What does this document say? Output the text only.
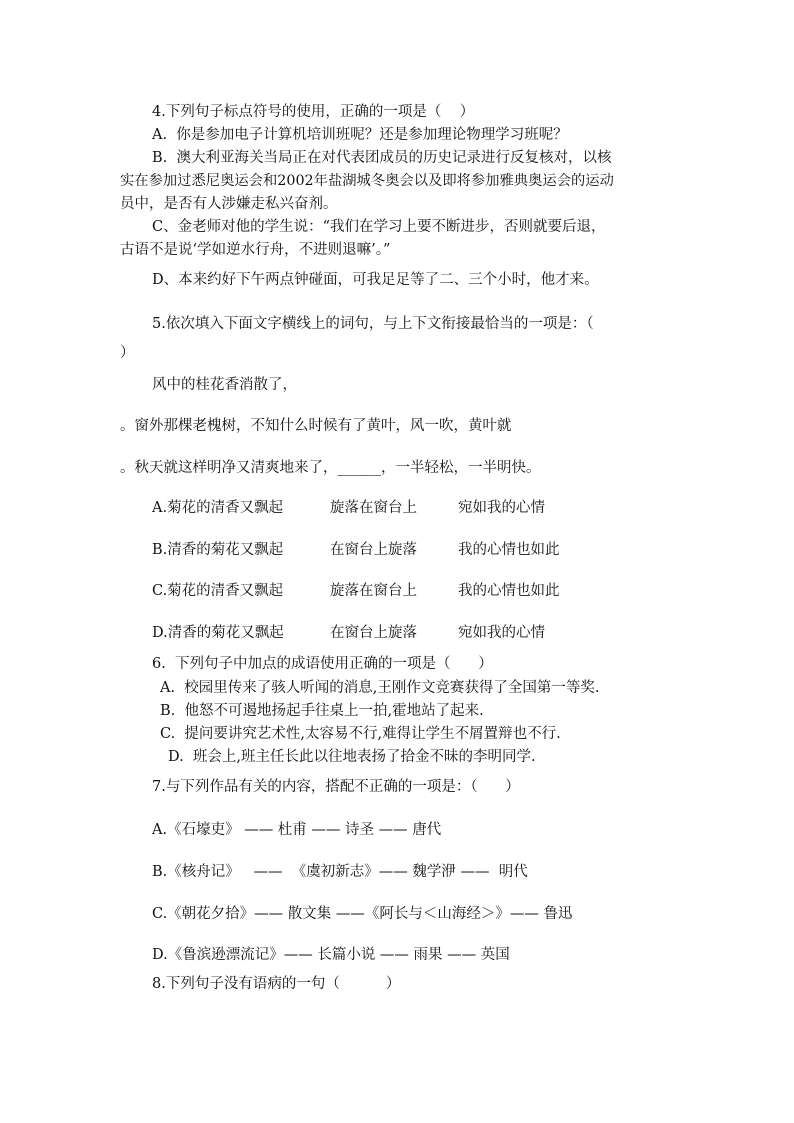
4.下列句子标点符号的使用，正确的一项是（    ）
A.  你是参加电子计算机培训班呢？还是参加理论物理学习班呢？
B.  澳大利亚海关当局正在对代表团成员的历史记录进行反复核对，以核
实在参加过悉尼奥运会和2002年盐湖城冬奥会以及即将参加雅典奥运会的运动
员中，是否有人涉嫌走私兴奋剂。
C、金老师对他的学生说：“我们在学习上要不断进步，否则就要后退，
古语不是说‘学如逆水行舟，不进则退嘛’。”
D、本来约好下午两点钟碰面，可我足足等了二、三个小时，他才来。
5.依次填入下面文字横线上的词句，与上下文衔接最恰当的一项是：（
）
风中的桂花香消散了，
。窗外那棵老槐树，不知什么时候有了黄叶，风一吹，黄叶就
。秋天就这样明净又清爽地来了，______，一半轻松，一半明快。
A.菊花的清香又飘起	旋落在窗台上	宛如我的心情
B.清香的菊花又飘起	在窗台上旋落	我的心情也如此
C.菊花的清香又飘起	旋落在窗台上	我的心情也如此
D.清香的菊花又飘起	在窗台上旋落	宛如我的心情
6.  下列句子中加点的成语使用正确的一项是（      ）
A.  校园里传来了骇人听闻的消息,王刚作文竞赛获得了全国第一等奖.
B.  他怒不可遏地扬起手往桌上一拍,霍地站了起来.
C.  提问要讲究艺术性,太容易不行,难得让学生不屑置辩也不行.
D.  班会上,班主任长此以往地表扬了拾金不昧的李明同学.
7.与下列作品有关的内容，搭配不正确的一项是：（      ）
A.《石壕吏》 —— 杜甫 —— 诗圣 —— 唐代
B.《核舟记》   ——  《虞初新志》—— 魏学洢 ——  明代
C.《朝花夕拾》—— 散文集 ——《阿长与＜山海经＞》—— 鲁迅
D.《鲁滨逊漂流记》—— 长篇小说 —— 雨果 —— 英国
8.下列句子没有语病的一句（          ）
